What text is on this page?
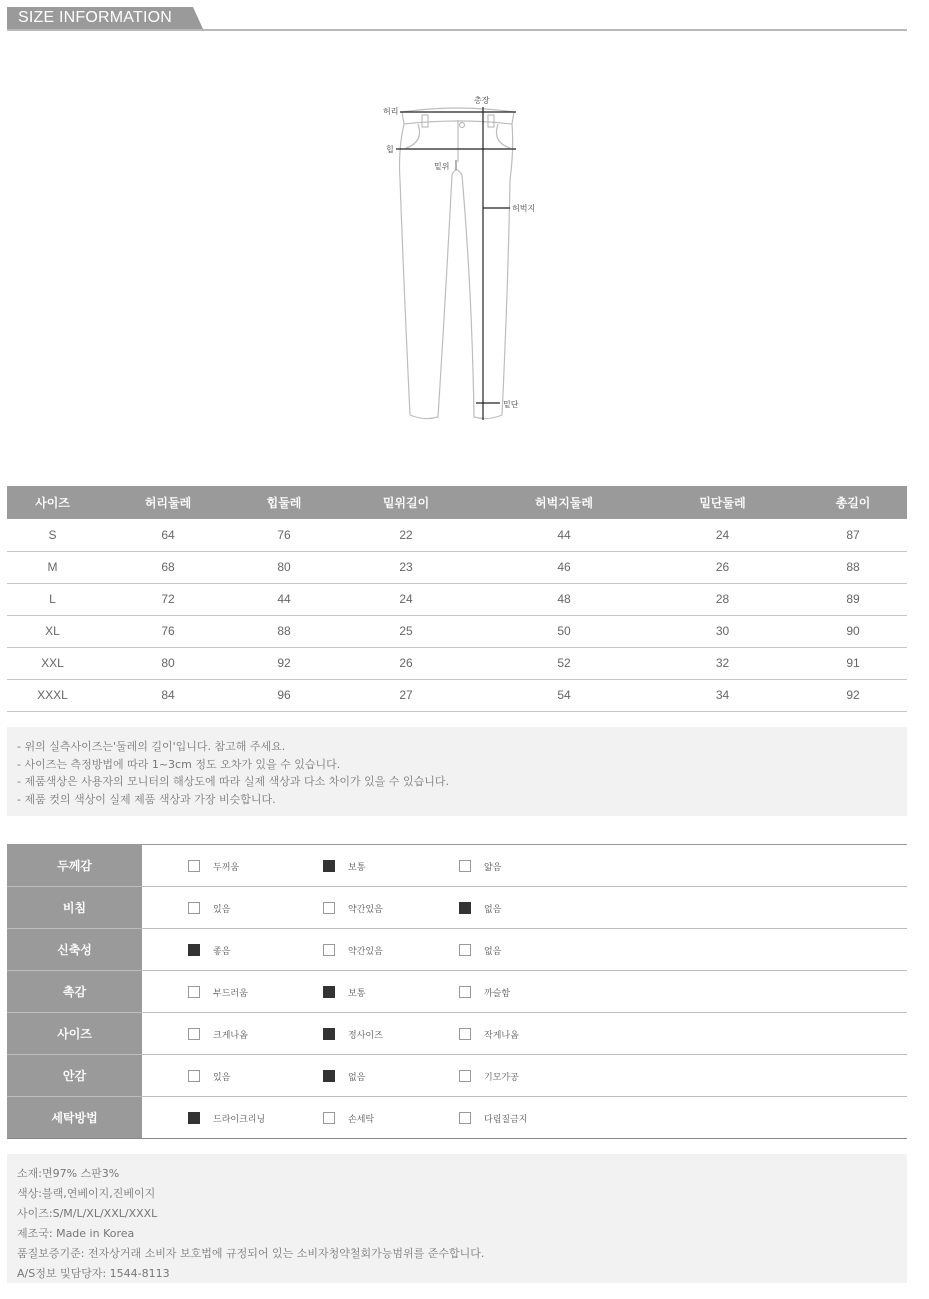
SIZE INFORMATION
허리
총장
힙
밑위
허벅지
밑단
사이즈	허리둘레	힙둘레	밑위길이	허벅지둘레	밑단둘레	총길이
S	64	76	22	44	24	87
M	68	80	23	46	26	88
L	72	44	24	48	28	89
XL	76	88	25	50	30	90
XXL	80	92	26	52	32	91
XXXL	84	96	27	54	34	92
- 위의 실측사이즈는'둘레의 길이'입니다. 참고해 주세요.
- 사이즈는 측정방법에 따라 1~3cm 정도 오차가 있을 수 있습니다.
- 제품색상은 사용자의 모니터의 해상도에 따라 실제 색상과 다소 차이가 있을 수 있습니다.
- 제품 컷의 색상이 실제 제품 색상과 가장 비슷합니다.
두께감	두꺼움	보통	얇음
비침	있음	약간있음	없음
신축성	좋음	약간있음	없음
촉감	부드러움	보통	까슬함
사이즈	크게나옴	정사이즈	작게나옴
안감	있음	없음	기모가공
세탁방법	드라이크리닝	손세탁	다림질금지
소재:면97% 스판3%
색상:블랙,연베이지,진베이지
사이즈:S/M/L/XL/XXL/XXXL
제조국: Made in Korea
품질보증기준: 전자상거래 소비자 보호법에 규정되어 있는 소비자청약철회가능범위를 준수합니다.
A/S정보 및담당자: 1544-8113
